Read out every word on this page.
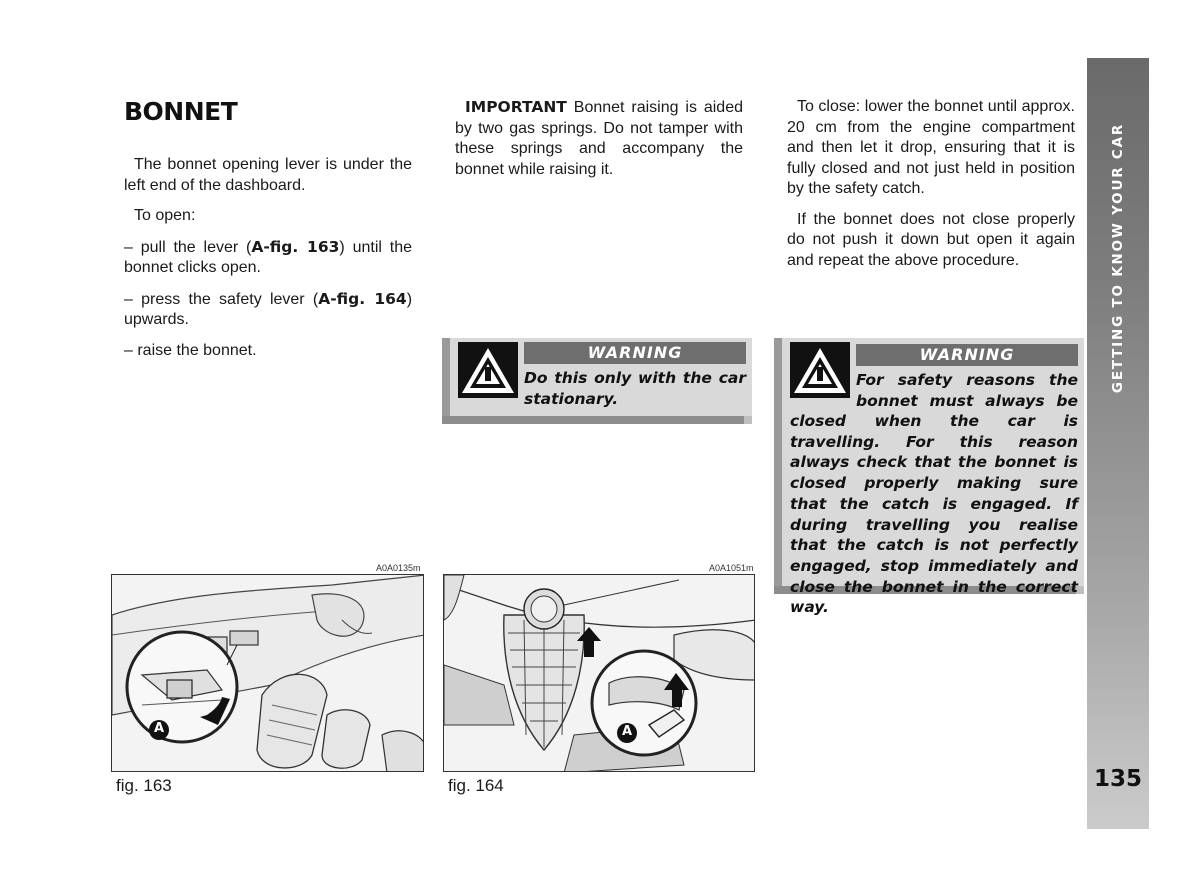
BONNET

The bonnet opening lever is under the left end of the dashboard.

To open:

– pull the lever (A-fig. 163) until the bonnet clicks open.

– press the safety lever (A-fig. 164) upwards.

– raise the bonnet.

IMPORTANT Bonnet raising is aided by two gas springs. Do not tamper with these springs and accompany the bonnet while raising it.

To close: lower the bonnet until approx. 20 cm from the engine compartment and then let it drop, ensuring that it is fully closed and not just held in position by the safety catch.

If the bonnet does not close properly do not push it down but open it again and repeat the above procedure.

WARNING
Do this only with the car stationary.
WARNING
For safety reasons the bonnet must always be
closed when the car is travelling. For this reason always check that the bonnet is closed properly making sure that the catch is engaged. If during travelling you realise that the catch is not perfectly engaged, stop immediately and close the bonnet in the correct way.
A0A0135m
A
fig. 163
A0A1051m
A
fig. 164
GETTING TO KNOW YOUR CAR
135
